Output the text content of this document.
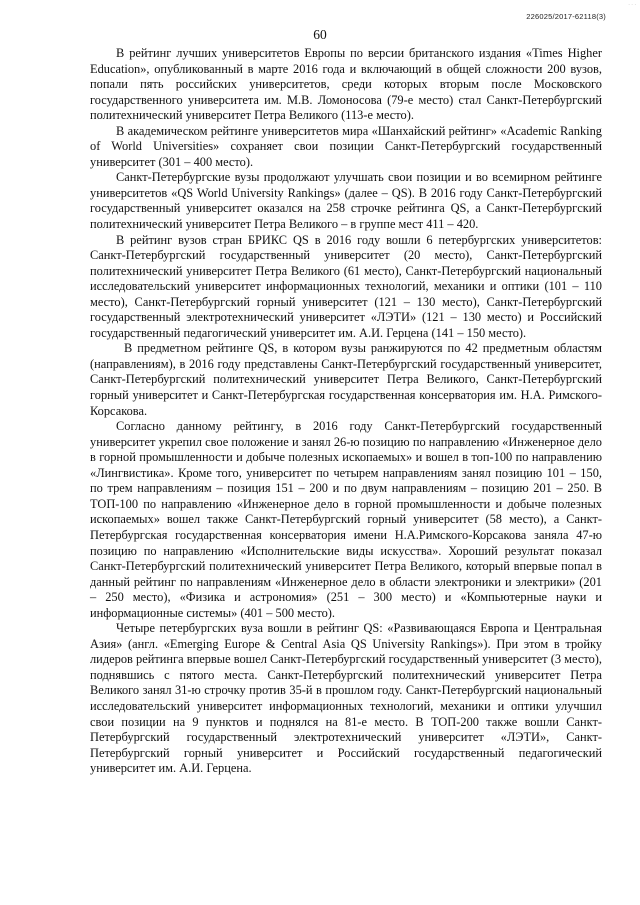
· · ·
226025/2017-62118(3)
60

В рейтинг лучших университетов Европы по версии британского издания «Times Higher Education», опубликованный в марте 2016 года и включающий в общей сложности 200 вузов, попали пять российских университетов, среди которых вторым после Московского государственного университета им. М.В. Ломоносова (79-е место) стал Санкт-Петербургский политехнический университет Петра Великого (113-е место).

В академическом рейтинге университетов мира «Шанхайский рейтинг» «Academic Ranking of World Universities» сохраняет свои позиции Санкт-Петербургский государственный университет (301 – 400 место).

Санкт-Петербургские вузы продолжают улучшать свои позиции и во всемирном рейтинге университетов «QS World University Rankings» (далее – QS). В 2016 году Санкт-Петербургский государственный университет оказался на 258 строчке рейтинга QS, а Санкт-Петербургский политехнический университет Петра Великого – в группе мест 411 – 420.

В рейтинг вузов стран БРИКС QS в 2016 году вошли 6 петербургских университетов: Санкт-Петербургский государственный университет (20 место), Санкт-Петербургский политехнический университет Петра Великого (61 место), Санкт-Петербургский национальный исследовательский университет информационных технологий, механики и оптики (101 – 110 место), Санкт-Петербургский горный университет (121 – 130 место), Санкт-Петербургский государственный электротехнический университет «ЛЭТИ» (121 – 130 место) и Российский государственный педагогический университет им. А.И. Герцена (141 – 150 место).

В предметном рейтинге QS, в котором вузы ранжируются по 42 предметным областям (направлениям), в 2016 году представлены Санкт-Петербургский государственный университет, Санкт-Петербургский политехнический университет Петра Великого, Санкт-Петербургский горный университет и Санкт-Петербургская государственная консерватория им. Н.А. Римского-Корсакова.

Согласно данному рейтингу, в 2016 году Санкт-Петербургский государственный университет укрепил свое положение и занял 26-ю позицию по направлению «Инженерное дело в горной промышленности и добыче полезных ископаемых» и вошел в топ-100 по направлению «Лингвистика». Кроме того, университет по четырем направлениям занял позицию 101 – 150, по трем направлениям – позиция 151 – 200 и по двум направлениям – позицию 201 – 250. В ТОП-100 по направлению «Инженерное дело в горной промышленности и добыче полезных ископаемых» вошел также Санкт-Петербургский горный университет (58 место), а Санкт-Петербургская государственная консерватория имени Н.А.Римского-Корсакова заняла 47-ю позицию по направлению «Исполнительские виды искусства». Хороший результат показал Санкт-Петербургский политехнический университет Петра Великого, который впервые попал в данный рейтинг по направлениям «Инженерное дело в области электроники и электрики» (201 – 250 место), «Физика и астрономия» (251 – 300 место) и «Компьютерные науки и информационные системы» (401 – 500 место).

Четыре петербургских вуза вошли в рейтинг QS: «Развивающаяся Европа и Центральная Азия» (англ. «Emerging Europe & Central Asia QS University Rankings»). При этом в тройку лидеров рейтинга впервые вошел Санкт-Петербургский государственный университет (3 место), поднявшись с пятого места. Санкт-Петербургский политехнический университет Петра Великого занял 31-ю строчку против 35-й в прошлом году. Санкт-Петербургский национальный исследовательский университет информационных технологий, механики и оптики улучшил свои позиции на 9 пунктов и поднялся на 81-е место. В ТОП-200 также вошли Санкт-Петербургский государственный электротехнический университет «ЛЭТИ», Санкт-Петербургский горный университет и Российский государственный педагогический университет им. А.И. Герцена.
